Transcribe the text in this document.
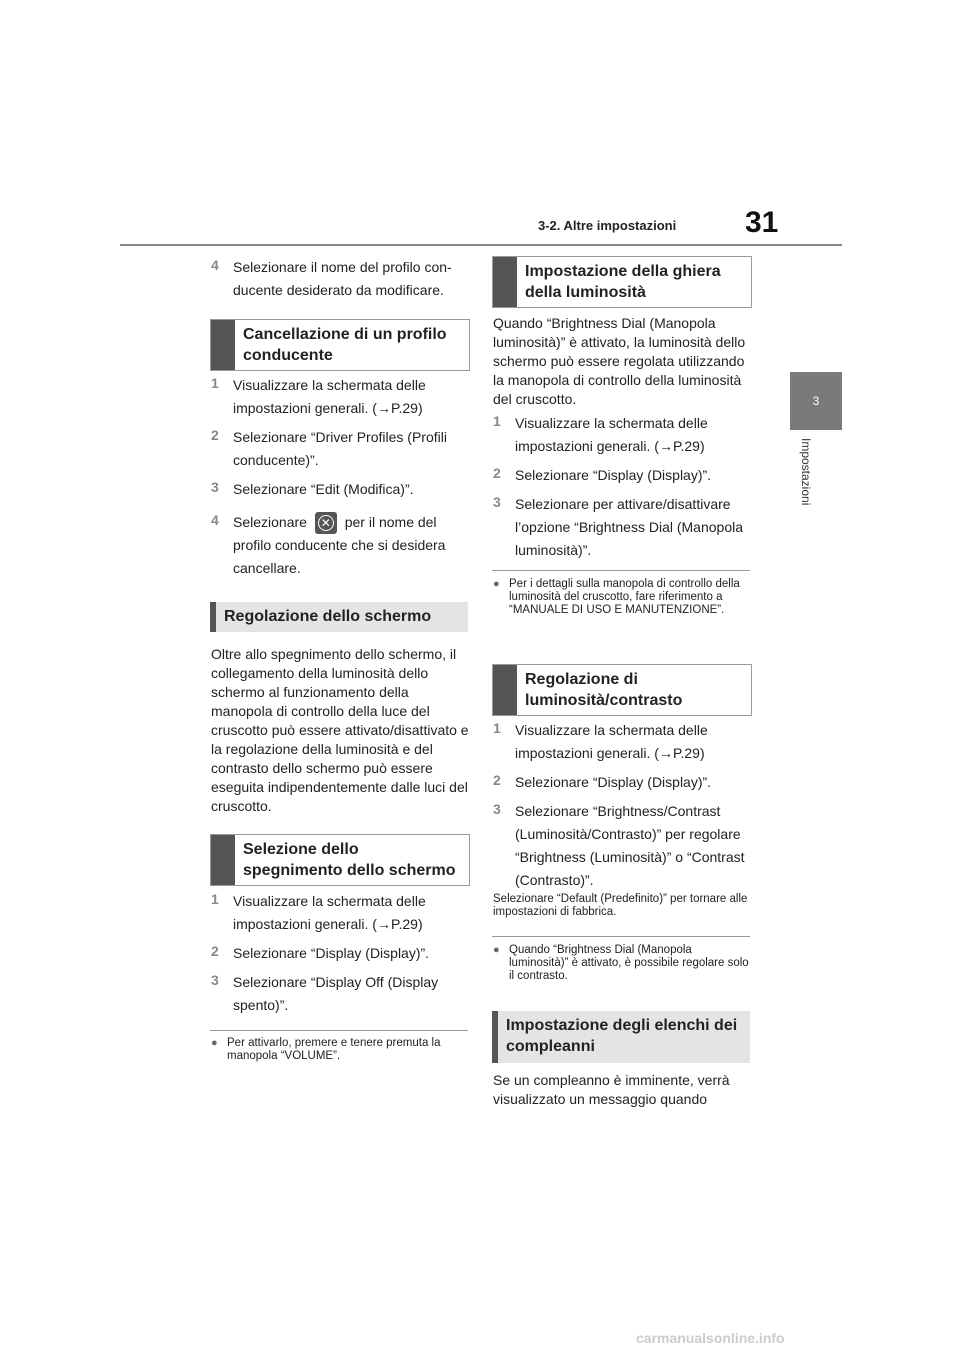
3-2. Altre impostazioni 31
3
Impostazioni
4	Selezionare il nome del profilo con-
ducente desiderato da modificare.
Cancellazione di un profilo conducente
1	Visualizzare la schermata delle impostazioni generali. (→P.29)
2	Selezionare “Driver Profiles (Profili conducente)”.
3	Selezionare “Edit (Modifica)”.
4	Selezionare	✕ per il nome del profilo conducente che si desidera cancellare.
Regolazione dello schermo
Oltre allo spegnimento dello schermo, il collegamento della luminosità dello schermo al funzionamento della manopola di controllo della luce del cruscotto può essere attivato/disattivato e la regolazione della luminosità e del contrasto dello schermo può essere eseguita indipendentemente dalle luci del cruscotto.
Selezione dello spegnimento dello schermo
1	Visualizzare la schermata delle impostazioni generali. (→P.29)
2	Selezionare “Display (Display)”.
3	Selezionare “Display Off (Display spento)”.
● Per attivarlo, premere e tenere premuta la manopola “VOLUME”.
Impostazione della ghiera della luminosità
Quando “Brightness Dial (Manopola luminosità)” è attivato, la luminosità dello schermo può essere regolata utilizzando la manopola di controllo della luminosità del cruscotto.
1	Visualizzare la schermata delle impostazioni generali. (→P.29)
2	Selezionare “Display (Display)”.
3	Selezionare per attivare/disattivare l’opzione “Brightness Dial (Manopola luminosità)”.
● Per i dettagli sulla manopola di controllo della luminosità del cruscotto, fare riferimento a “MANUALE DI USO E MANUTENZIONE”.
Regolazione di luminosità/contrasto
1	Visualizzare la schermata delle impostazioni generali. (→P.29)
2	Selezionare “Display (Display)”.
3	Selezionare “Brightness/Contrast (Luminosità/Contrasto)” per regolare “Brightness (Luminosità)” o “Contrast (Contrasto)”.
Selezionare “Default (Predefinito)” per tornare alle impostazioni di fabbrica.
● Quando “Brightness Dial (Manopola luminosità)” è attivato, è possibile regolare solo il contrasto.
Impostazione degli elenchi dei compleanni
Se un compleanno è imminente, verrà visualizzato un messaggio quando
carmanualsonline.info
